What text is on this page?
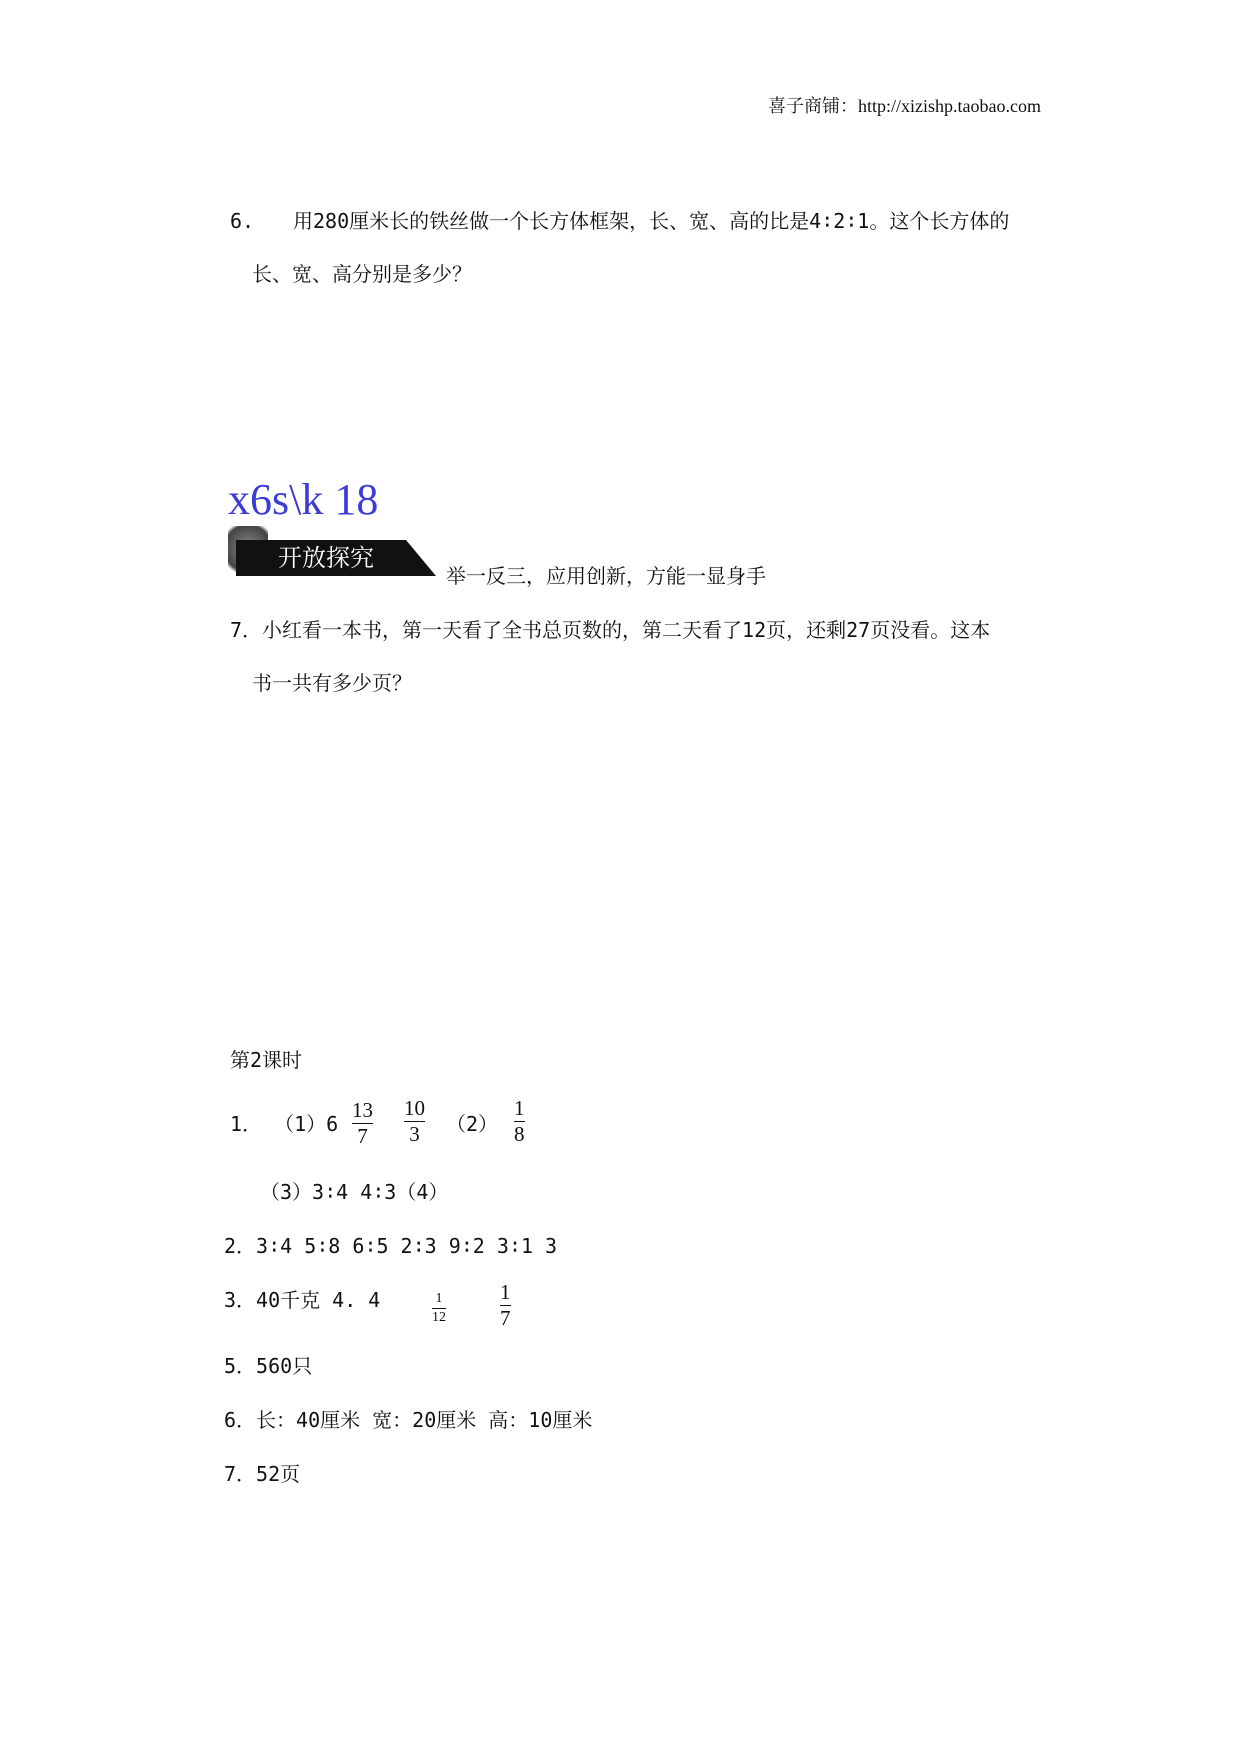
喜子商铺：http://xizishp.taobao.com
6. 用280厘米长的铁丝做一个长方体框架，长、宽、高的比是4∶2∶1。这个长方体的
长、宽、高分别是多少？
x6s\k 18
开放探究
举一反三，应用创新，方能一显身手
7．小红看一本书，第一天看了全书总页数的，第二天看了12页，还剩27页没看。这本
书一共有多少页？
第2课时
1． （1）6
13
7
10
3 （2）
1
8
（3）3∶4 4∶3（4）
2．3∶4 5∶8 6∶5 2∶3 9∶2 3∶1 3
3．40千克 4. 4	1
12
1
7
5．560只
6．长：40厘米 宽：20厘米 高：10厘米
7．52页
